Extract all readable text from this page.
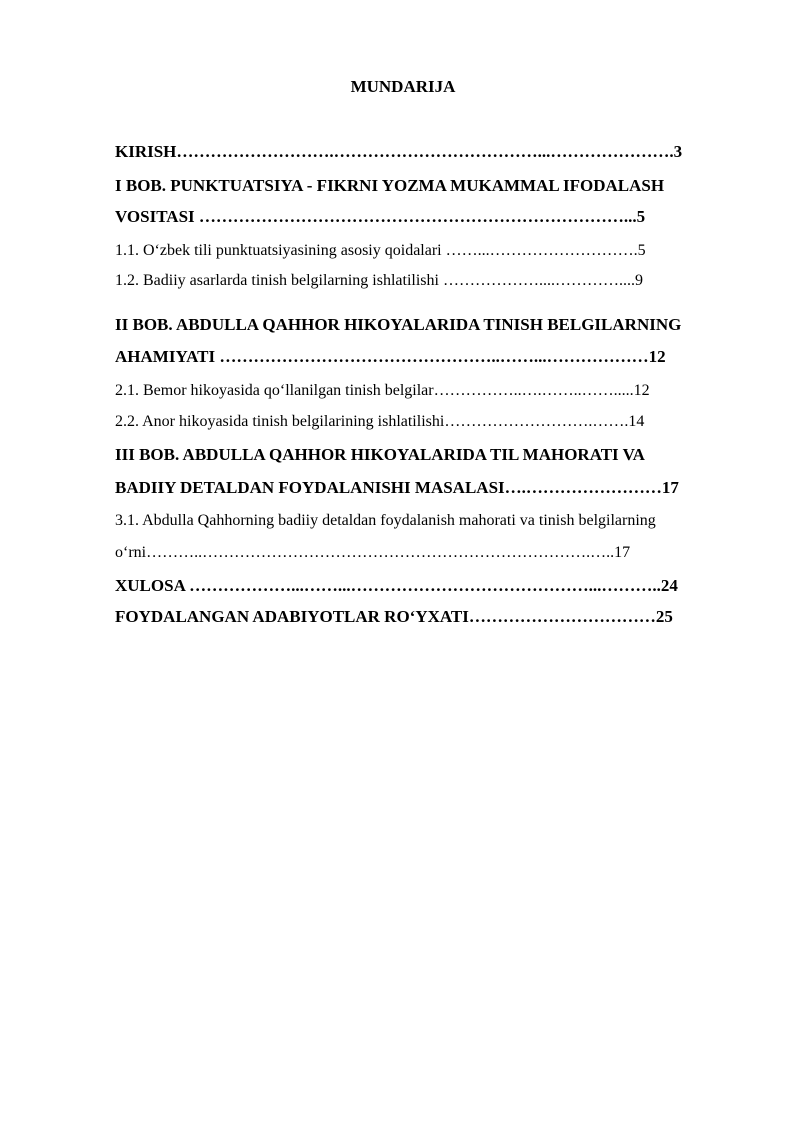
MUNDARIJA
KIRISH……………………….………………………………...………………….3
I BOB. PUNKTUATSIYA - FIKRNI YOZMA MUKAMMAL IFODALASH
VOSITASI …………………………………………………………………...5
1.1. O‘zbek tili punktuatsiyasining asosiy qoidalari ……...……………………….5
1.2. Badiiy asarlarda tinish belgilarning ishlatilishi ………………....…………....9
II BOB. ABDULLA QAHHOR HIKOYALARIDA TINISH BELGILARNING
AHAMIYATI …………………………………………..……...………………12
2.1. Bemor hikoyasida qo‘llanilgan tinish belgilar……………..….……..…….....12
2.2. Anor hikoyasida tinish belgilarining ishlatilishi……………………….…….14
III BOB. ABDULLA QAHHOR HIKOYALARIDA TIL MAHORATI VA
BADIIY DETALDAN FOYDALANISHI MASALASI….……………………17
3.1. Abdulla Qahhorning badiiy detaldan foydalanish mahorati va tinish belgilarning
o‘rni………..……………………………………………………………….…..17
XULOSA ………………...……...……………………………………...………..24
FOYDALANGAN ADABIYOTLAR RO‘YXATI……………………………25
